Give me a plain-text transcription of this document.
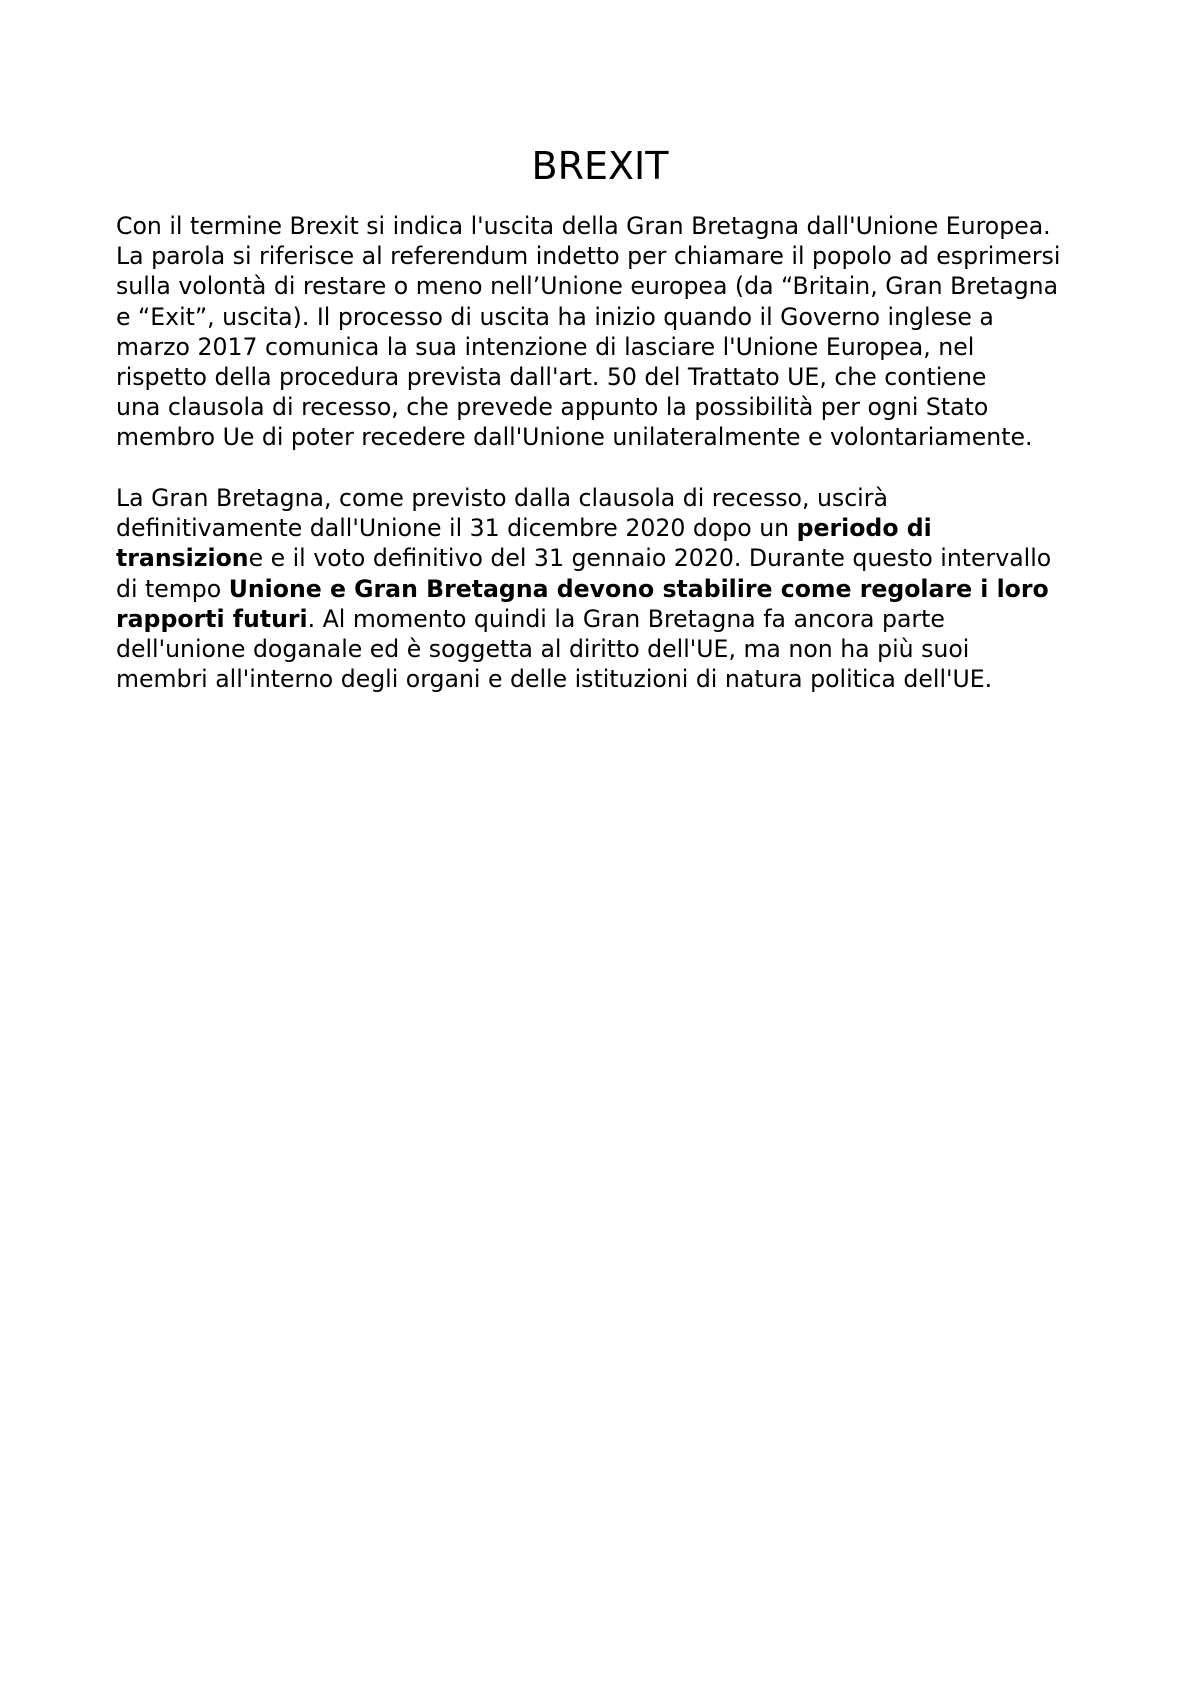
BREXIT

Con il termine Brexit si indica l'uscita della Gran Bretagna dall'Unione Europea.
La parola si riferisce al referendum indetto per chiamare il popolo ad esprimersi
sulla volontà di restare o meno nell’Unione europea (da “Britain, Gran Bretagna
e “Exit”, uscita). Il processo di uscita ha inizio quando il Governo inglese a
marzo 2017 comunica la sua intenzione di lasciare l'Unione Europea, nel
rispetto della procedura prevista dall'art. 50 del Trattato UE, che contiene
una clausola di recesso, che prevede appunto la possibilità per ogni Stato
membro Ue di poter recedere dall'Unione unilateralmente e volontariamente.

La Gran Bretagna, come previsto dalla clausola di recesso, uscirà
definitivamente dall'Unione il 31 dicembre 2020 dopo un periodo di
transizione e il voto definitivo del 31 gennaio 2020. Durante questo intervallo
di tempo Unione e Gran Bretagna devono stabilire come regolare i loro
rapporti futuri. Al momento quindi la Gran Bretagna fa ancora parte
dell'unione doganale ed è soggetta al diritto dell'UE, ma non ha più suoi
membri all'interno degli organi e delle istituzioni di natura politica dell'UE.
